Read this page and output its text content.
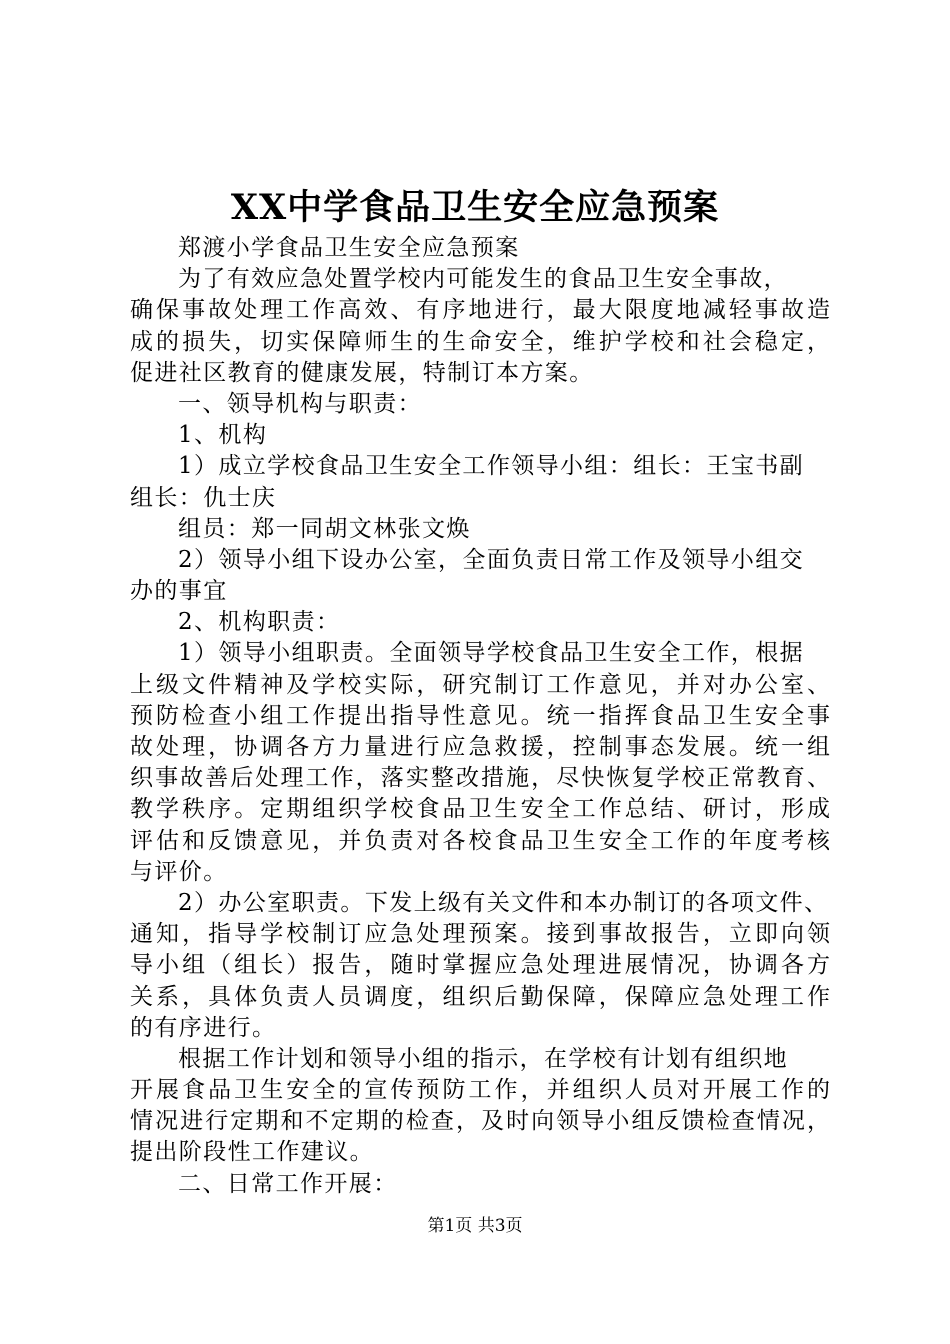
XX中学食品卫生安全应急预案
郑渡小学食品卫生安全应急预案
为了有效应急处置学校内可能发生的食品卫生安全事故，
确保事故处理工作高效、有序地进行，最大限度地减轻事故造
成的损失，切实保障师生的生命安全，维护学校和社会稳定，
促进社区教育的健康发展，特制订本方案。
一、领导机构与职责：
1、机构
1）成立学校食品卫生安全工作领导小组：组长：王宝书副
组长：仇士庆
组员：郑一同胡文林张文焕
2）领导小组下设办公室，全面负责日常工作及领导小组交
办的事宜
2、机构职责：
1）领导小组职责。全面领导学校食品卫生安全工作，根据
上级文件精神及学校实际，研究制订工作意见，并对办公室、
预防检查小组工作提出指导性意见。统一指挥食品卫生安全事
故处理，协调各方力量进行应急救援，控制事态发展。统一组
织事故善后处理工作，落实整改措施，尽快恢复学校正常教育、
教学秩序。定期组织学校食品卫生安全工作总结、研讨，形成
评估和反馈意见，并负责对各校食品卫生安全工作的年度考核
与评价。
2）办公室职责。下发上级有关文件和本办制订的各项文件、
通知，指导学校制订应急处理预案。接到事故报告，立即向领
导小组（组长）报告，随时掌握应急处理进展情况，协调各方
关系，具体负责人员调度，组织后勤保障，保障应急处理工作
的有序进行。
根据工作计划和领导小组的指示，在学校有计划有组织地
开展食品卫生安全的宣传预防工作，并组织人员对开展工作的
情况进行定期和不定期的检查，及时向领导小组反馈检查情况，
提出阶段性工作建议。
二、日常工作开展：
第1页 共3页
